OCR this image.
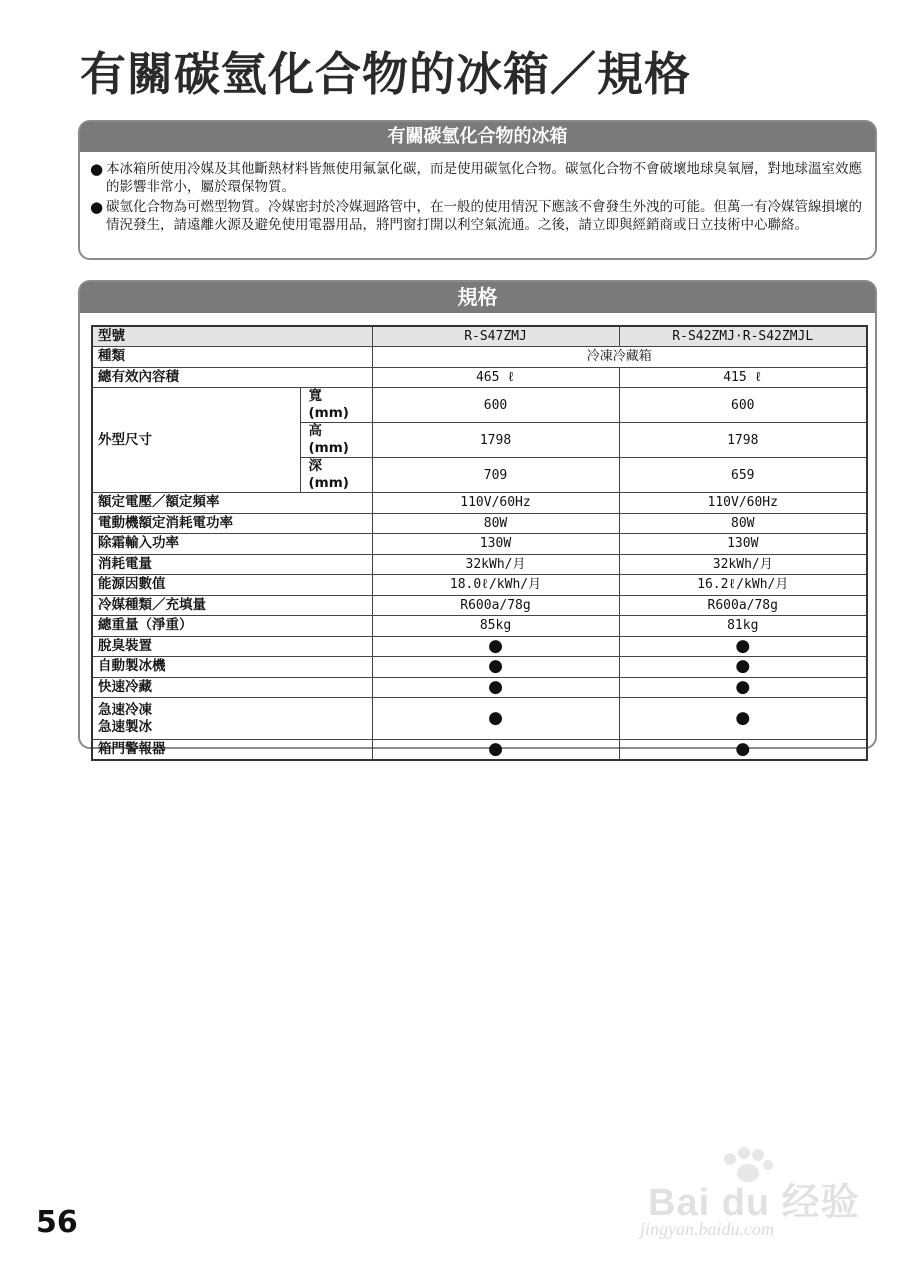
有關碳氫化合物的冰箱／規格
有關碳氫化合物的冰箱
● 本冰箱所使用冷媒及其他斷熱材料皆無使用氟氯化碳，而是使用碳氫化合物。碳氫化合物不會破壞地球臭氧層，對地球溫室效應的影響非常小，屬於環保物質。
● 碳氫化合物為可燃型物質。冷媒密封於冷媒迴路管中，在一般的使用情況下應該不會發生外洩的可能。但萬一有冷媒管線損壞的情況發生，請遠離火源及避免使用電器用品，將門窗打開以利空氣流通。之後，請立即與經銷商或日立技術中心聯絡。
規格
型號		R-S47ZMJ	R-S42ZMJ·R-S42ZMJL
種類		冷凍冷藏箱	
總有效內容積		465 ℓ	415 ℓ
外型尺寸	寬 (mm)	600	600
	高 (mm)	1798	1798
	深 (mm)	709	659
額定電壓／額定頻率		110V/60Hz	110V/60Hz
電動機額定消耗電功率		80W	80W
除霜輸入功率		130W	130W
消耗電量		32kWh/月	32kWh/月
能源因數值		18.0ℓ/kWh/月	16.2ℓ/kWh/月
冷媒種類／充填量		R600a/78g	R600a/78g
總重量（淨重）		85kg	81kg
脫臭裝置		●	●
自動製冰機		●	●
快速冷藏		●	●

急速冷凍
急速製冰		●	●
箱門警報器		●	●
56	Bai du 经验
jingyan.baidu.com
